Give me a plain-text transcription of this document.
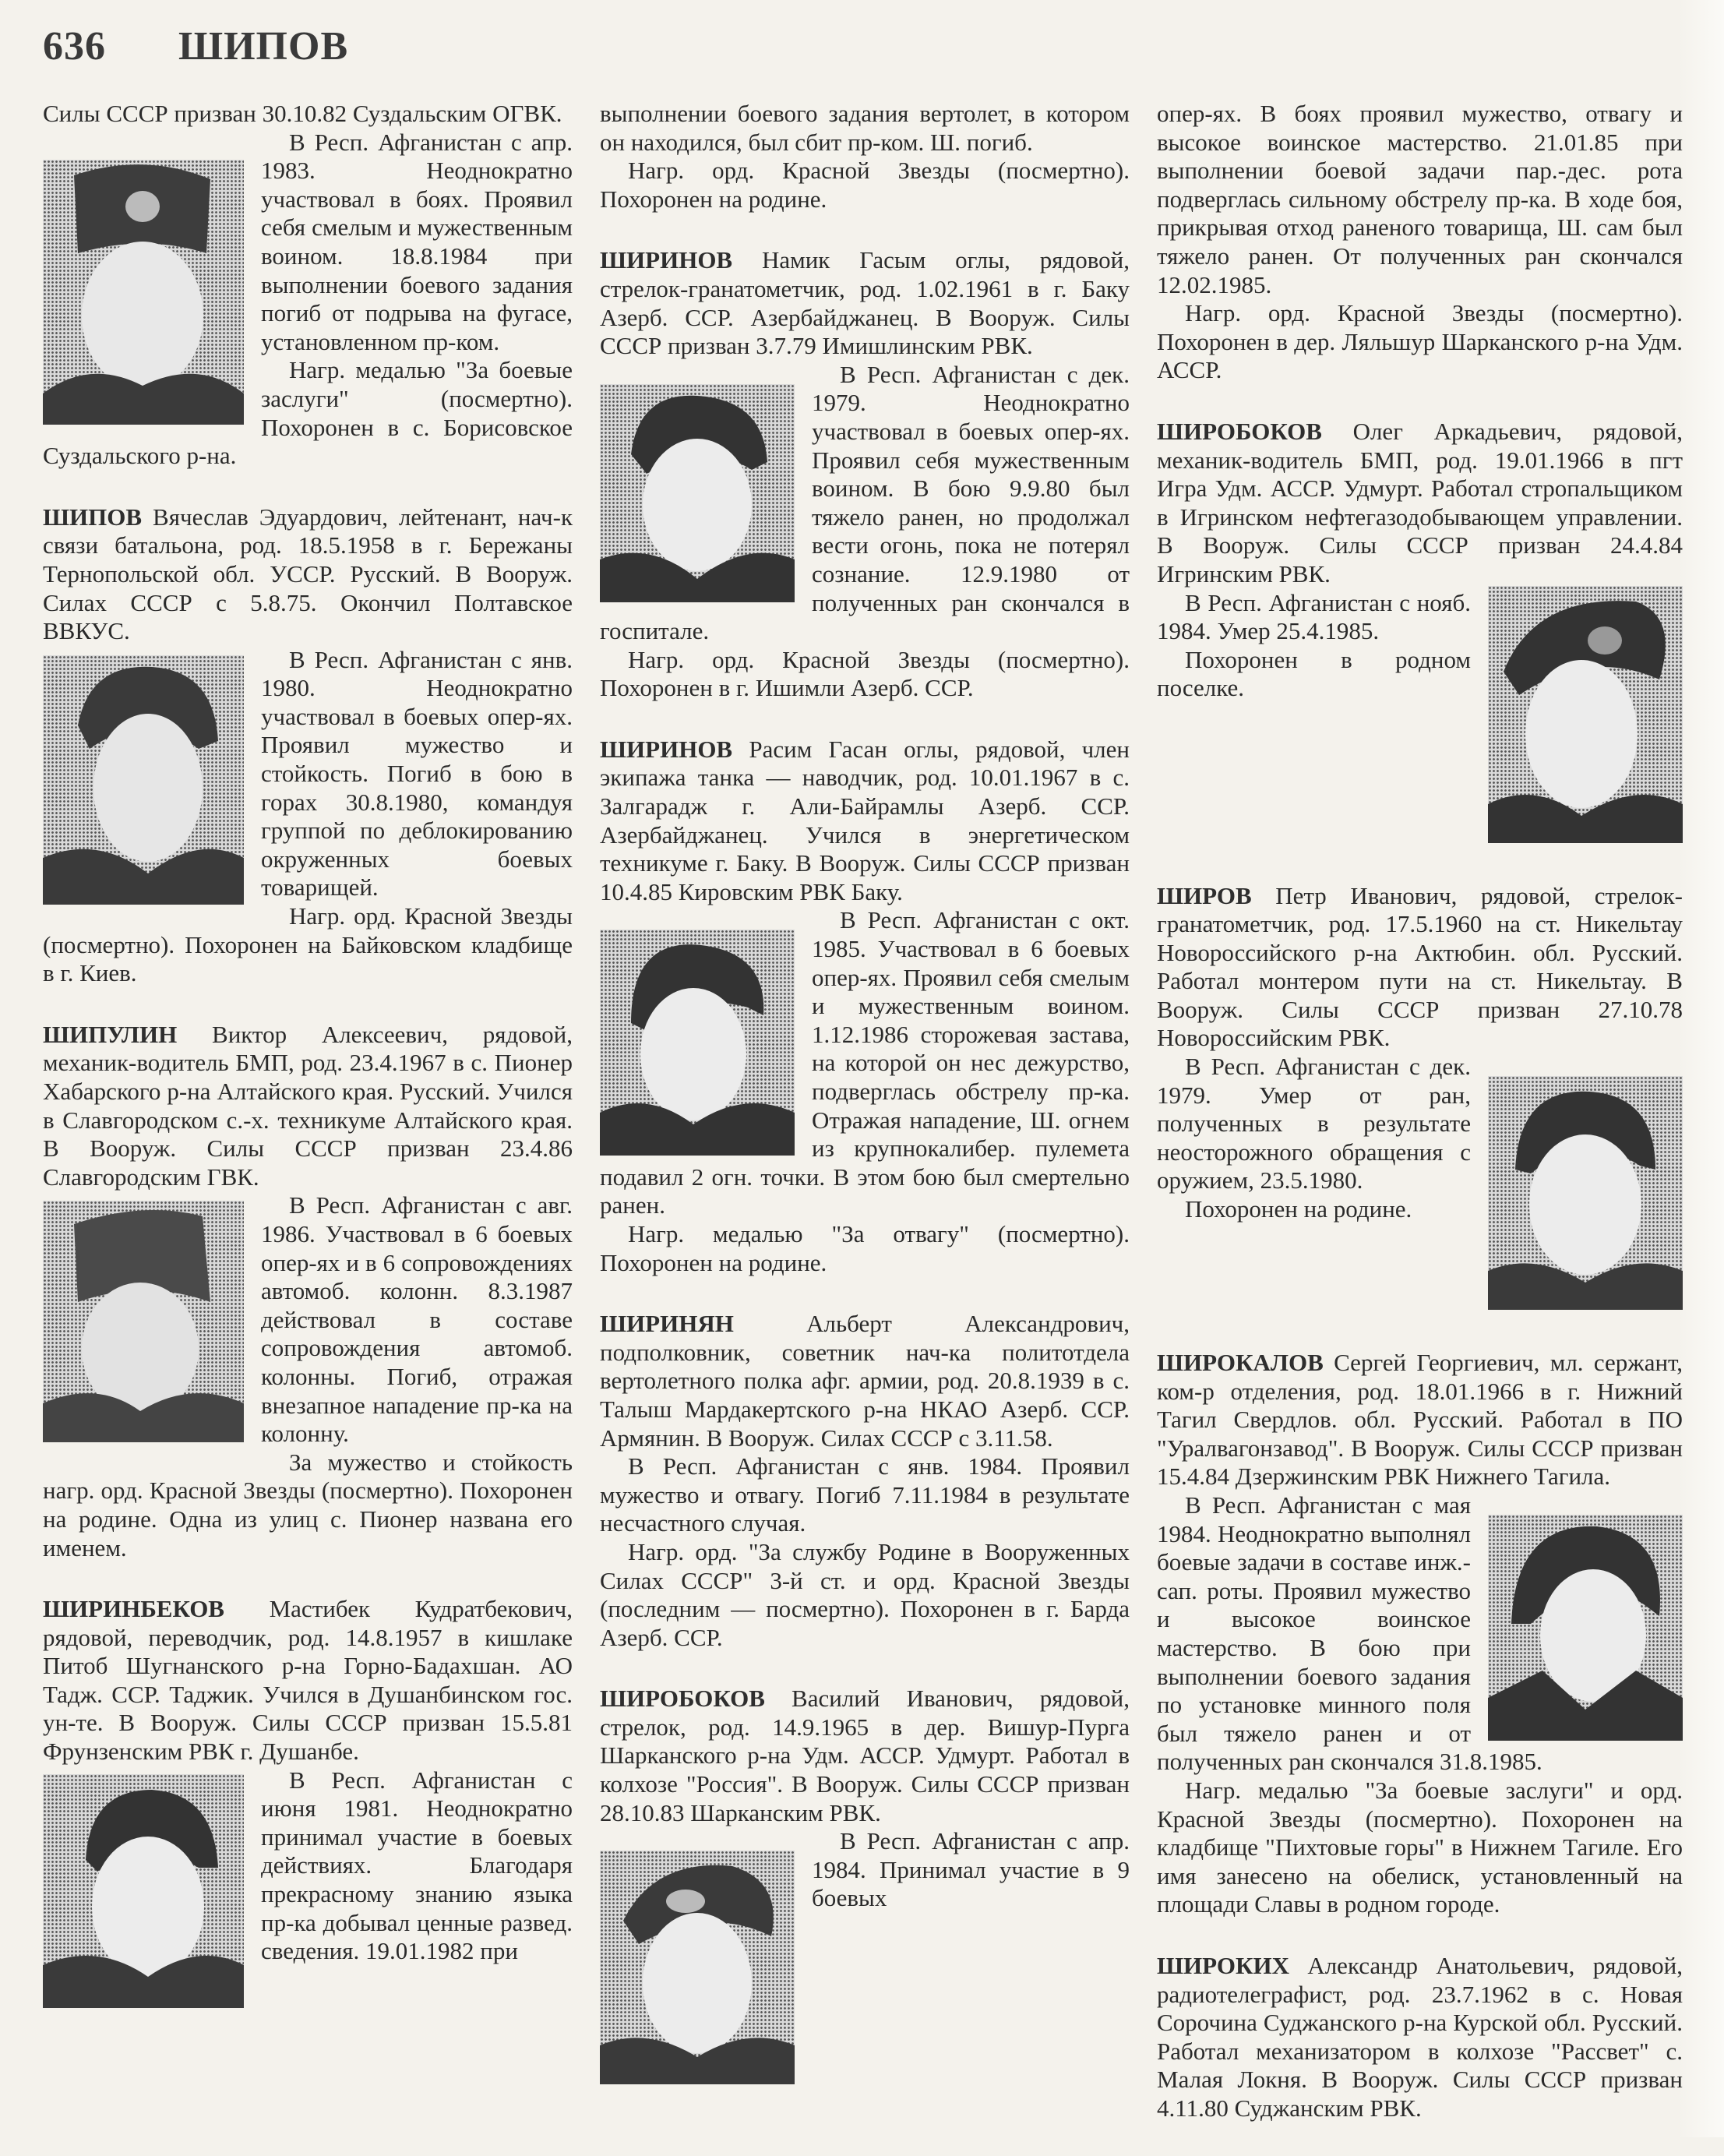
636 ШИПОВ

Силы СССР призван 30.10.82 Суздальским ОГВК.

В Респ. Афганистан с апр. 1983. Неоднократно участвовал в боях. Проявил себя смелым и мужественным воином. 18.8.1984 при выполнении боевого задания погиб от подрыва на фугасе, установленном пр-ком.

Нагр. медалью "За боевые заслуги" (посмертно). Похоронен в с. Борисовское Суздальского р-на.

ШИПОВ Вячеслав Эдуардович, лейтенант, нач-к связи батальона, род. 18.5.1958 в г. Бережаны Тернопольской обл. УССР. Русский. В Вооруж. Силах СССР с 5.8.75. Окончил Полтавское ВВКУС.

В Респ. Афганистан с янв. 1980. Неоднократно участвовал в боевых опер-ях. Проявил мужество и стойкость. Погиб в бою в горах 30.8.1980, командуя группой по деблокированию окруженных боевых товарищей.

Нагр. орд. Красной Звезды (посмертно). Похоронен на Байковском кладбище в г. Киев.

ШИПУЛИН Виктор Алексеевич, рядовой, механик-водитель БМП, род. 23.4.1967 в с. Пионер Хабарского р-на Алтайского края. Русский. Учился в Славгородском с.-х. техникуме Алтайского края. В Вооруж. Силы СССР призван 23.4.86 Славгородским ГВК.

В Респ. Афганистан с авг. 1986. Участвовал в 6 боевых опер-ях и в 6 сопровождениях автомоб. колонн. 8.3.1987 действовал в составе сопровождения автомоб. колонны. Погиб, отражая внезапное нападение пр-ка на колонну.

За мужество и стойкость нагр. орд. Красной Звезды (посмертно). Похоронен на родине. Одна из улиц с. Пионер названа его именем.

ШИРИНБЕКОВ Мастибек Кудратбекович, рядовой, переводчик, род. 14.8.1957 в кишлаке Питоб Шугнанского р-на Горно-Бадахшан. АО Тадж. ССР. Таджик. Учился в Душанбинском гос. ун-те. В Вооруж. Силы СССР призван 15.5.81 Фрунзенским РВК г. Душанбе.

В Респ. Афганистан с июня 1981. Неоднократно принимал участие в боевых действиях. Благодаря прекрасному знанию языка пр-ка добывал ценные развед. сведения. 19.01.1982 при

выполнении боевого задания вертолет, в котором он находился, был сбит пр-ком. Ш. погиб.

Нагр. орд. Красной Звезды (посмертно). Похоронен на родине.

ШИРИНОВ Намик Гасым оглы, рядовой, стрелок-гранатометчик, род. 1.02.1961 в г. Баку Азерб. ССР. Азербайджанец. В Вооруж. Силы СССР призван 3.7.79 Имишлинским РВК.

В Респ. Афганистан с дек. 1979. Неоднократно участвовал в боевых опер-ях. Проявил себя мужественным воином. В бою 9.9.80 был тяжело ранен, но продолжал вести огонь, пока не потерял сознание. 12.9.1980 от полученных ран скончался в госпитале.

Нагр. орд. Красной Звезды (посмертно). Похоронен в г. Ишимли Азерб. ССР.

ШИРИНОВ Расим Гасан оглы, рядовой, член экипажа танка — наводчик, род. 10.01.1967 в с. Залгарадж г. Али-Байрамлы Азерб. ССР. Азербайджанец. Учился в энергетическом техникуме г. Баку. В Вооруж. Силы СССР призван 10.4.85 Кировским РВК Баку.

В Респ. Афганистан с окт. 1985. Участвовал в 6 боевых опер-ях. Проявил себя смелым и мужественным воином. 1.12.1986 сторожевая застава, на которой он нес дежурство, подверглась обстрелу пр-ка. Отражая нападение, Ш. огнем из крупнокалибер. пулемета подавил 2 огн. точки. В этом бою был смертельно ранен.

Нагр. медалью "За отвагу" (посмертно). Похоронен на родине.

ШИРИНЯН	Альберт Александрович, подполковник, советник нач-ка политотдела вертолетного полка афг. армии, род. 20.8.1939 в с. Талыш Мардакертского р-на НКАО Азерб. ССР. Армянин. В Вооруж. Силах СССР с 3.11.58.

В Респ. Афганистан с янв. 1984. Проявил мужество и отвагу. Погиб 7.11.1984 в результате несчастного случая.

Нагр. орд. "За службу Родине в Вооруженных Силах СССР" 3-й ст. и орд. Красной Звезды (последним — посмертно). Похоронен в г. Барда Азерб. ССР.

ШИРОБОКОВ Василий Иванович, рядовой, стрелок, род. 14.9.1965 в дер. Вишур-Пурга Шарканского р-на Удм. АССР. Удмурт. Работал в колхозе "Россия". В Вооруж. Силы СССР призван 28.10.83 Шарканским РВК.

В Респ. Афганистан с апр. 1984. Принимал участие в 9 боевых

опер-ях. В боях проявил мужество, отвагу и высокое воинское мастерство. 21.01.85 при выполнении боевой задачи пар.-дес. рота подверглась сильному обстрелу пр-ка. В ходе боя, прикрывая отход раненого товарища, Ш. сам был тяжело ранен. От полученных ран скончался 12.02.1985.

Нагр. орд. Красной Звезды (посмертно). Похоронен в дер. Ляльшур Шарканского р-на Удм. АССР.

ШИРОБОКОВ Олег Аркадьевич, рядовой, механик-водитель БМП, род. 19.01.1966 в пгт Игра Удм. АССР. Удмурт. Работал стропальщиком в Игринском нефтегазодобывающем управлении. В Вооруж. Силы СССР призван 24.4.84 Игринским РВК.

В Респ. Афганистан с нояб. 1984. Умер 25.4.1985.

Похоронен в родном поселке.

ШИРОВ Петр Иванович, рядовой, стрелок-гранатометчик, род. 17.5.1960 на ст. Никельтау Новороссийского р-на Актюбин. обл. Русский. Работал монтером пути на ст. Никельтау. В Вооруж. Силы СССР призван 27.10.78 Новороссийским РВК.

В Респ. Афганистан с дек. 1979. Умер от ран, полученных в результате неосторожного обращения с оружием, 23.5.1980.

Похоронен на родине.

ШИРОКАЛОВ Сергей Георгиевич, мл. сержант, ком-р отделения, род. 18.01.1966 в г. Нижний Тагил Свердлов. обл. Русский. Работал в ПО "Уралвагонзавод". В Вооруж. Силы СССР призван 15.4.84 Дзержинским РВК Нижнего Тагила.

В Респ. Афганистан с мая 1984. Неоднократно выполнял боевые задачи в составе инж.-сап. роты. Проявил мужество и высокое воинское мастерство. В бою при выполнении боевого задания по установке минного поля был тяжело ранен и от полученных ран скончался 31.8.1985.

Нагр. медалью "За боевые заслуги" и орд. Красной Звезды (посмертно). Похоронен на кладбище "Пихтовые горы" в Нижнем Тагиле. Его имя занесено на обелиск, установленный на площади Славы в родном городе.

ШИРОКИХ Александр Анатольевич, рядовой, радиотелеграфист, род. 23.7.1962 в с. Новая Сорочина Суджанского р-на Курской обл. Русский. Работал механизатором в колхозе "Рассвет" с. Малая Локня. В Вооруж. Силы СССР призван 4.11.80 Суджанским РВК.
